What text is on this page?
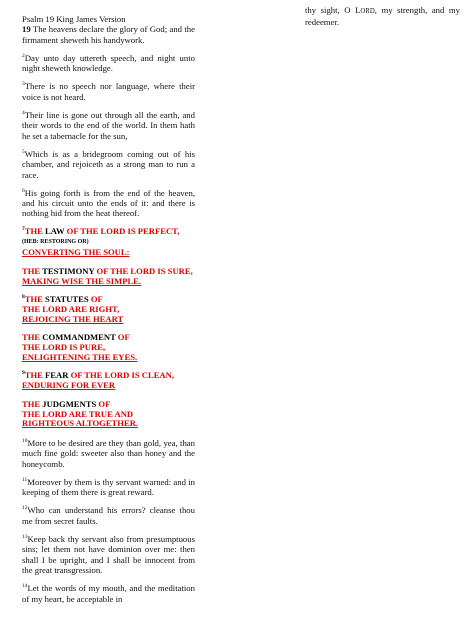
Psalm 19 King James Version

19 The heavens declare the glory of God; and the firmament sheweth his handywork.

$^2$Day unto day uttereth speech, and night unto night sheweth knowledge.

$^3$There is no speech nor language, where their voice is not heard.

$^4$Their line is gone out through all the earth, and their words to the end of the world. In them hath he set a tabernacle for the sun,

$^5$Which is as a bridegroom coming out of his chamber, and rejoiceth as a strong man to run a race.

$^6$His going forth is from the end of the heaven, and his circuit unto the ends of it: and there is nothing hid from the heat thereof.

$^7$THE LAW OF THE LORD IS PERFECT, (HEB: RESTORING OR)
CONVERTING THE SOUL:

THE TESTIMONY OF THE LORD IS SURE,
MAKING WISE THE SIMPLE.

$^8$THE STATUTES OF
THE LORD ARE RIGHT,
REJOICING THE HEART

THE COMMANDMENT OF
THE LORD IS PURE,
ENLIGHTENING THE EYES.

$^9$THE FEAR OF THE LORD IS CLEAN,
ENDURING FOR EVER

THE JUDGMENTS OF
THE LORD ARE TRUE AND
RIGHTEOUS ALTOGETHER.

$^{10}$More to be desired are they than gold, yea, than much fine gold: sweeter also than honey and the honeycomb.

$^{11}$Moreover by them is thy servant warned: and in keeping of them there is great reward.

$^{12}$Who can understand his errors? cleanse thou me from secret faults.

$^{13}$Keep back thy servant also from presumptuous sins; let them not have dominion over me: then shall I be upright, and I shall be innocent from the great transgression.

$^{14}$Let the words of my mouth, and the meditation of my heart, be acceptable in

thy sight, O LORD, my strength, and my redeemer.
